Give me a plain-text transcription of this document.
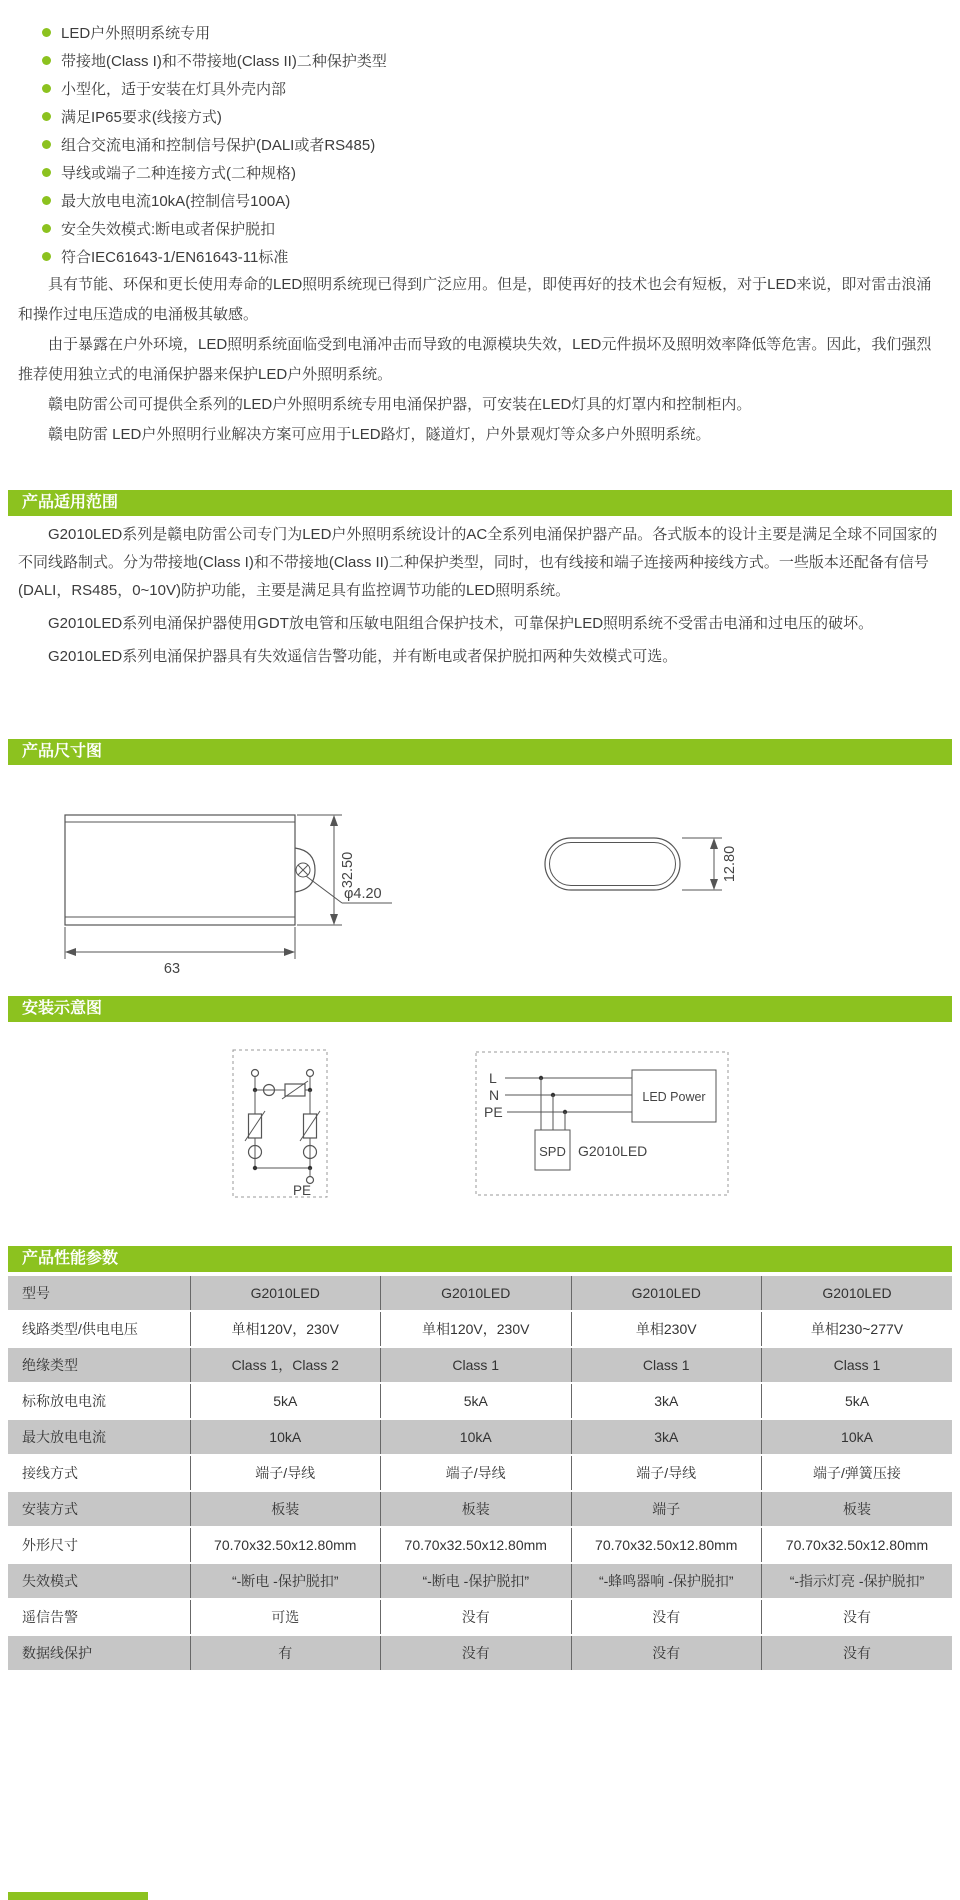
LED户外照明系统专用
带接地(Class I)和不带接地(Class II)二种保护类型
小型化，适于安装在灯具外壳内部
满足IP65要求(线接方式)
组合交流电涌和控制信号保护(DALI或者RS485)
导线或端子二种连接方式(二种规格)
最大放电电流10kA(控制信号100A)
安全失效模式:断电或者保护脱扣
符合IEC61643-1/EN61643-11标准

具有节能、环保和更长使用寿命的LED照明系统现已得到广泛应用。但是，即使再好的技术也会有短板，对于LED来说，即对雷击浪涌和操作过电压造成的电涌极其敏感。

由于暴露在户外环境，LED照明系统面临受到电涌冲击而导致的电源模块失效，LED元件损坏及照明效率降低等危害。因此，我们强烈推荐使用独立式的电涌保护器来保护LED户外照明系统。

赣电防雷公司可提供全系列的LED户外照明系统专用电涌保护器，可安装在LED灯具的灯罩内和控制柜内。

赣电防雷 LED户外照明行业解决方案可应用于LED路灯，隧道灯，户外景观灯等众多户外照明系统。

产品适用范围

G2010LED系列是赣电防雷公司专门为LED户外照明系统设计的AC全系列电涌保护器产品。各式版本的设计主要是满足全球不同国家的不同线路制式。分为带接地(Class I)和不带接地(Class II)二种保护类型，同时，也有线接和端子连接两种接线方式。一些版本还配备有信号(DALI，RS485，0~10V)防护功能，主要是满足具有监控调节功能的LED照明系统。

G2010LED系列电涌保护器使用GDT放电管和压敏电阻组合保护技术，可靠保护LED照明系统不受雷击电涌和过电压的破坏。

G2010LED系列电涌保护器具有失效遥信告警功能，并有断电或者保护脱扣两种失效模式可选。

产品尺寸图
32.50
φ4.20
63
12.80
安装示意图
PE
L
N
PE
SPD G2010LED
LED Power
产品性能参数
型号	G2010LED	G2010LED	G2010LED	G2010LED
线路类型/供电电压	单相120V，230V	单相120V，230V	单相230V	单相230~277V
绝缘类型	Class 1，Class 2	Class 1	Class 1	Class 1
标称放电电流	5kA	5kA	3kA	5kA
最大放电电流	10kA	10kA	3kA	10kA
接线方式	端子/导线	端子/导线	端子/导线	端子/弹簧压接
安装方式	板装	板装	端子	板装
外形尺寸	70.70x32.50x12.80mm	70.70x32.50x12.80mm	70.70x32.50x12.80mm	70.70x32.50x12.80mm
失效模式	“-断电 -保护脱扣”	“-断电 -保护脱扣”	“-蜂鸣器响 -保护脱扣”	“-指示灯亮 -保护脱扣”
遥信告警	可选	没有	没有	没有
数据线保护	有	没有	没有	没有
